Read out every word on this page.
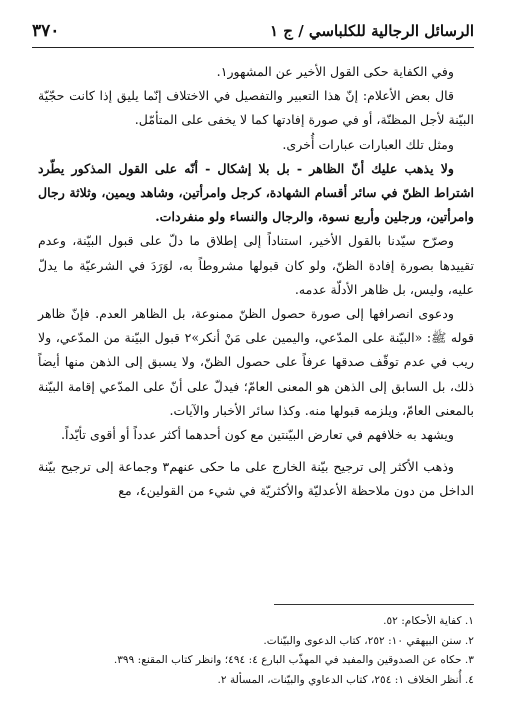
الرسائل الرجالية للكلباسي / ج ١
٣٧٠

وفي الكفاية حكى القول الأخير عن المشهور١.

قال بعض الأعلام: إنّ هذا التعبير والتفصيل في الاختلاف إنّما يليق إذا كانت حجّيّة البيّنة لأجل المظنّة، أو في صورة إفادتها كما لا يخفى على المتأمّل.

ومثل تلك العبارات عبارات أُخرى.

ولا يذهب عليك أنّ الظاهر - بل بلا إشكال - أنّه على القول المذكور يطّرد اشتراط الظنّ في سائر أقسام الشهادة، كرجل وامرأتين، وشاهد ويمين، وثلاثة رجال وامرأتين، ورجلين وأربع نسوة، والرجال والنساء ولو منفردات.

وصرّح سيّدنا بالقول الأخير، استناداً إلى إطلاق ما دلّ على قبول البيّنة، وعدم تقييدها بصورة إفادة الظنّ، ولو كان قبولها مشروطاً به، لوَرَدَ في الشرعيّة ما يدلّ عليه، وليس، بل ظاهر الأدلّة عدمه.

ودعوى انصرافها إلى صورة حصول الظنّ ممنوعة، بل الظاهر العدم. فإنّ ظاهر قوله ﷺ: «البيّنة على المدّعي، واليمين على مَنْ أنكر»٢ قبول البيّنة من المدّعي، ولا ريب في عدم توقّف صدقها عرفاً على حصول الظنّ، ولا يسبق إلى الذهن منها أيضاً ذلك، بل السابق إلى الذهن هو المعنى العامّ؛ فيدلّ على أنّ على المدّعي إقامة البيّنة بالمعنى العامّ، ويلزمه قبولها منه. وكذا سائر الأخبار والآيات.

ويشهد به خلافهم في تعارض البيّنتين مع كون أحدهما أكثر عدداً أو أقوى تأيّداً.

وذهب الأكثر إلى ترجيح بيّنة الخارج على ما حكى عنهم٣ وجماعة إلى ترجيح بيّنة الداخل من دون ملاحظة الأعدليّة والأكثريّة في شيء من القولين٤، مع

١. كفاية الأحكام: ٥٢.
٢. سنن البيهقي ١٠: ٢٥٢، كتاب الدعوى والبيّنات.
٣. حكاه عن الصدوقين والمفيد في المهذّب البارع ٤: ٤٩٤؛ وانظر كتاب المقنع: ٣٩٩.
٤. أُنظر الخلاف ١: ٢٥٤، كتاب الدعاوي والبيّنات، المسألة ٢.
